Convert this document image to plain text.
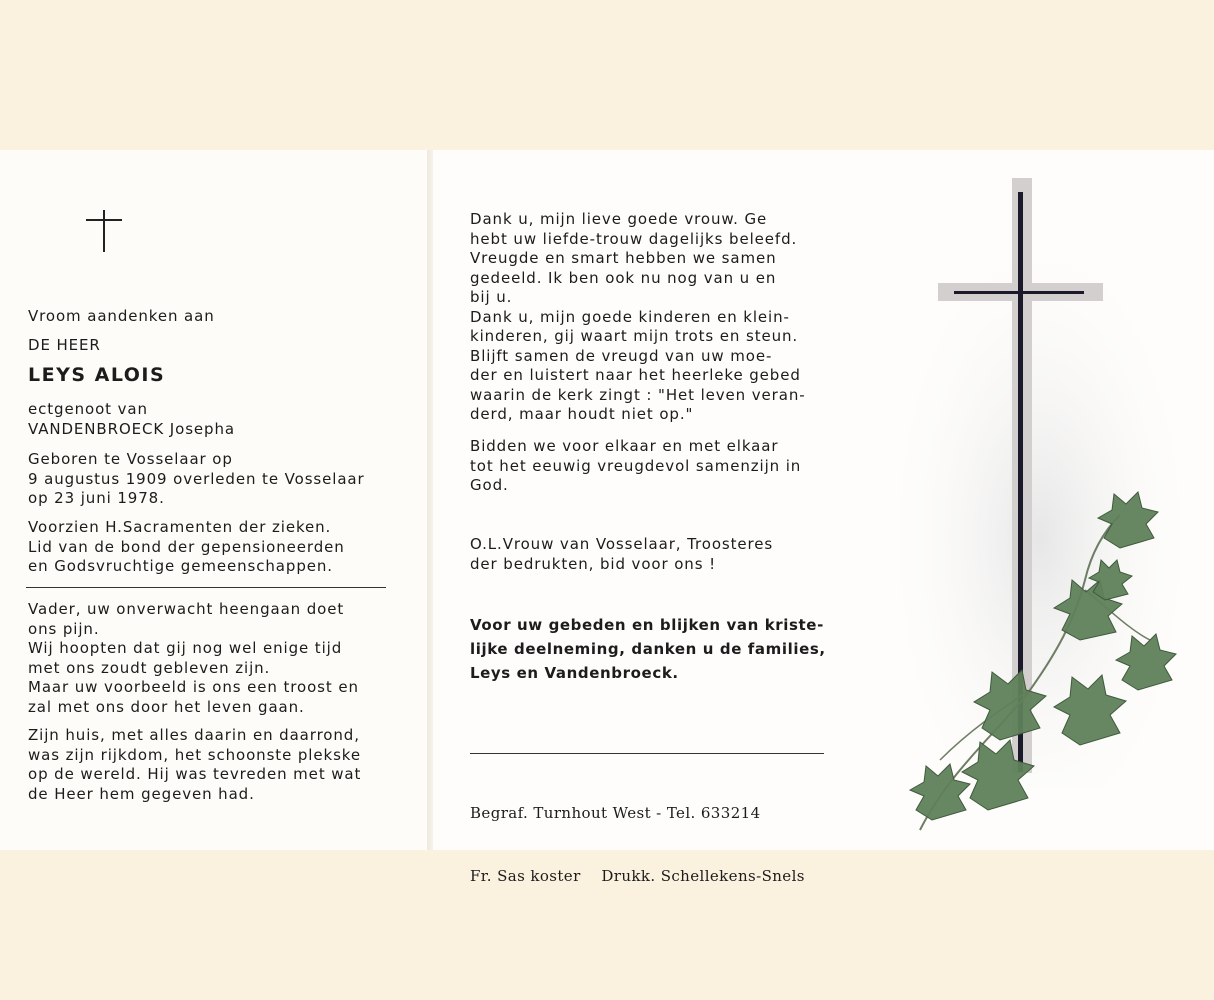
Vroom aandenken aan
DE HEER
LEYS ALOIS
ectgenoot van
VANDENBROECK Josepha

Geboren te Vosselaar op

9 augustus 1909 overleden te Vosselaar

op 23 juni 1978.

Voorzien H.Sacramenten der zieken.

Lid van de bond der gepensioneerden

en Godsvruchtige gemeenschappen.

Vader, uw onverwacht heengaan doet

ons pijn.

Wij hoopten dat gij nog wel enige tijd

met ons zoudt gebleven zijn.

Maar uw voorbeeld is ons een troost en

zal met ons door het leven gaan.

Zijn huis, met alles daarin en daarrond,

was zijn rijkdom, het schoonste plekske

op de wereld. Hij was tevreden met wat

de Heer hem gegeven had.

Dank u, mijn lieve goede vrouw. Ge

hebt uw liefde-trouw dagelijks beleefd.

Vreugde en smart hebben we samen

gedeeld. Ik ben ook nu nog van u en

bij u.

Dank u, mijn goede kinderen en klein-

kinderen, gij waart mijn trots en steun.

Blijft samen de vreugd van uw moe-

der en luistert naar het heerleke gebed

waarin de kerk zingt : "Het leven veran-

derd, maar houdt niet op."

Bidden we voor elkaar en met elkaar

tot het eeuwig vreugdevol samenzijn in

God.

O.L.Vrouw van Vosselaar, Troosteres

der bedrukten, bid voor ons !

Voor uw gebeden en blijken van kriste-

lijke deelneming, danken u de families,

Leys en Vandenbroeck.

Begraf. Turnhout West - Tel. 633214

Fr. Sas koster    Drukk. Schellekens-Snels
